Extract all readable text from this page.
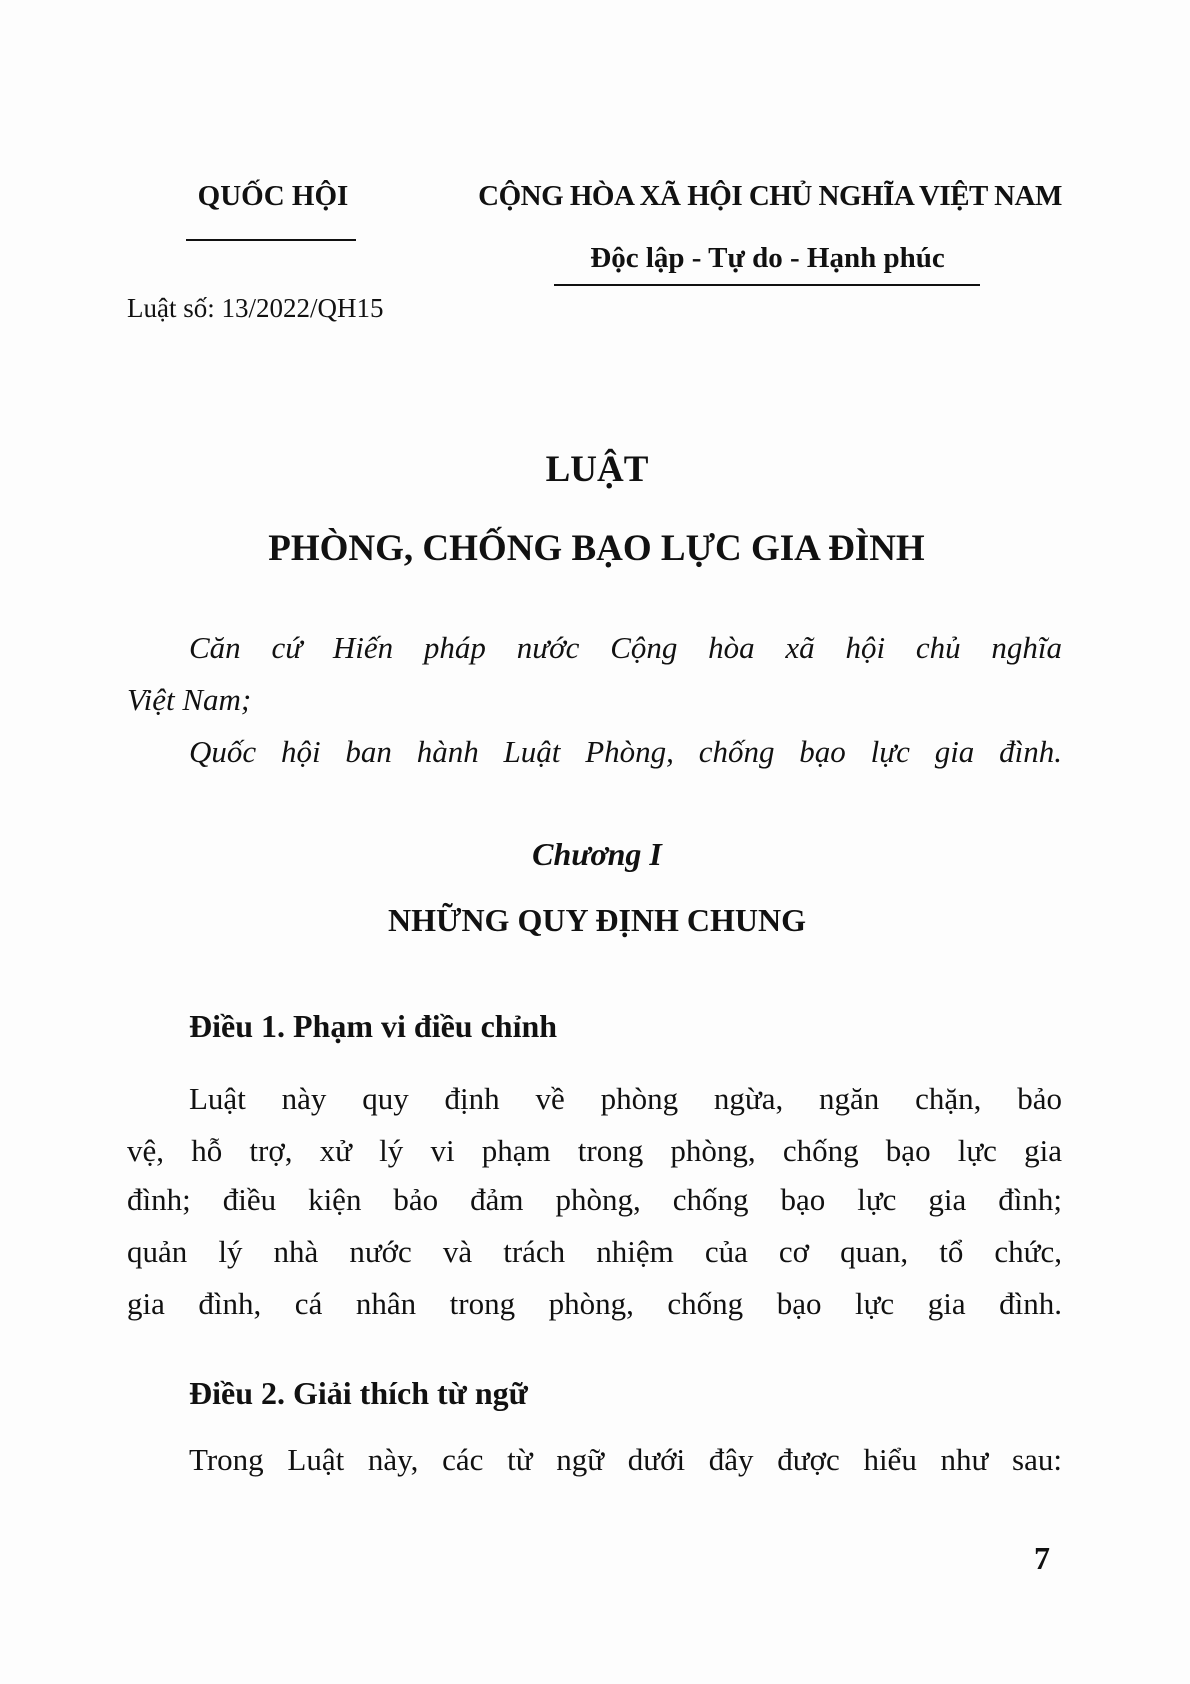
QUỐC HỘI	CỘNG HÒA XÃ HỘI CHỦ NGHĨA VIỆT NAM
Độc lập - Tự do - Hạnh phúc
Luật số: 13/2022/QH15
LUẬT
PHÒNG, CHỐNG BẠO LỰC GIA ĐÌNH
Căn cứ Hiến pháp nước Cộng hòa xã hội chủ nghĩa
Việt Nam;
Quốc hội ban hành Luật Phòng, chống bạo lực gia đình.
Chương I
NHỮNG QUY ĐỊNH CHUNG
Điều 1. Phạm vi điều chỉnh
Luật này quy định về phòng ngừa, ngăn chặn, bảo
vệ, hỗ trợ, xử lý vi phạm trong phòng, chống bạo lực gia
đình; điều kiện bảo đảm phòng, chống bạo lực gia đình;
quản lý nhà nước và trách nhiệm của cơ quan, tổ chức,
gia đình, cá nhân trong phòng, chống bạo lực gia đình.
Điều 2. Giải thích từ ngữ
Trong Luật này, các từ ngữ dưới đây được hiểu như sau:
7
